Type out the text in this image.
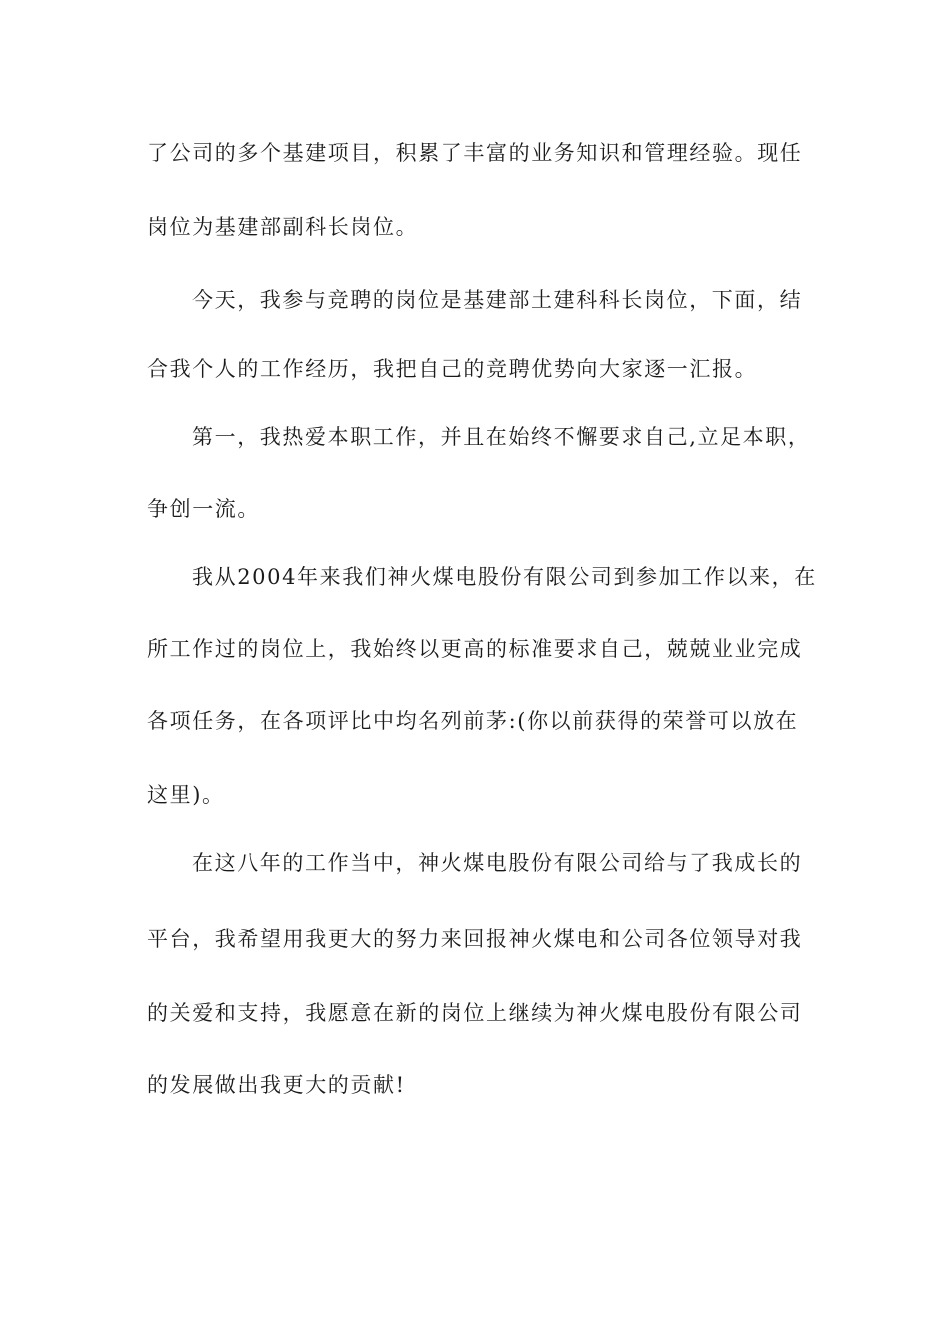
了公司的多个基建项目，积累了丰富的业务知识和管理经验。现任
岗位为基建部副科长岗位。
今天，我参与竞聘的岗位是基建部土建科科长岗位，下面，结
合我个人的工作经历，我把自己的竞聘优势向大家逐一汇报。
第一，我热爱本职工作，并且在始终不懈要求自己,立足本职，
争创一流。
我从2004年来我们神火煤电股份有限公司到参加工作以来，在
所工作过的岗位上，我始终以更高的标准要求自己，兢兢业业完成
各项任务，在各项评比中均名列前茅:(你以前获得的荣誉可以放在
这里)。
在这八年的工作当中，神火煤电股份有限公司给与了我成长的
平台，我希望用我更大的努力来回报神火煤电和公司各位领导对我
的关爱和支持，我愿意在新的岗位上继续为神火煤电股份有限公司
的发展做出我更大的贡献!
